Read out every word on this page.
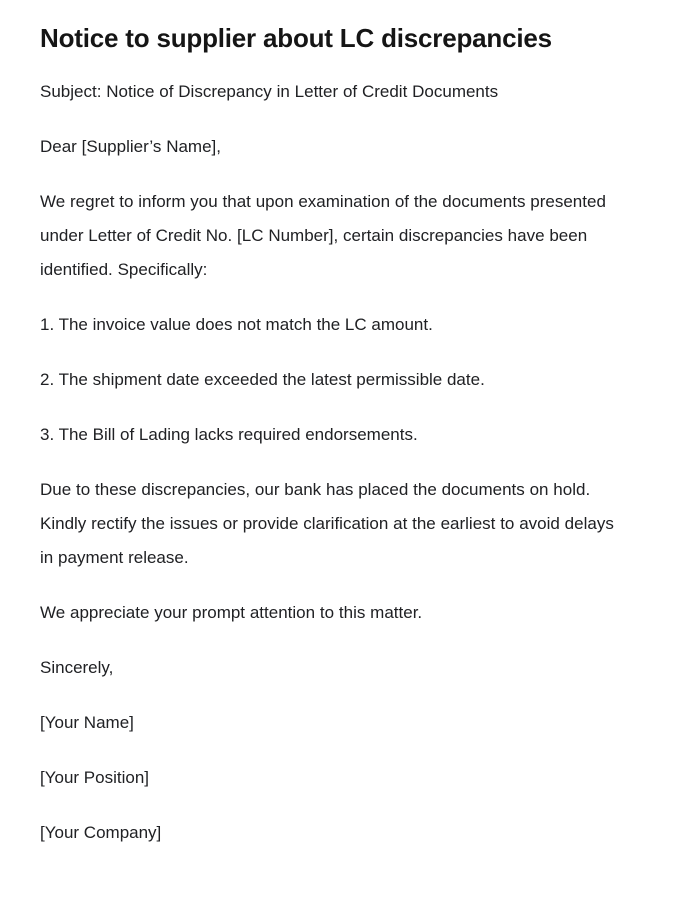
Notice to supplier about LC discrepancies

Subject: Notice of Discrepancy in Letter of Credit Documents

Dear [Supplier’s Name],

We regret to inform you that upon examination of the documents presented under Letter of Credit No. [LC Number], certain discrepancies have been identified. Specifically:

1. The invoice value does not match the LC amount.

2. The shipment date exceeded the latest permissible date.

3. The Bill of Lading lacks required endorsements.

Due to these discrepancies, our bank has placed the documents on hold. Kindly rectify the issues or provide clarification at the earliest to avoid delays in payment release.

We appreciate your prompt attention to this matter.

Sincerely,

[Your Name]

[Your Position]

[Your Company]
